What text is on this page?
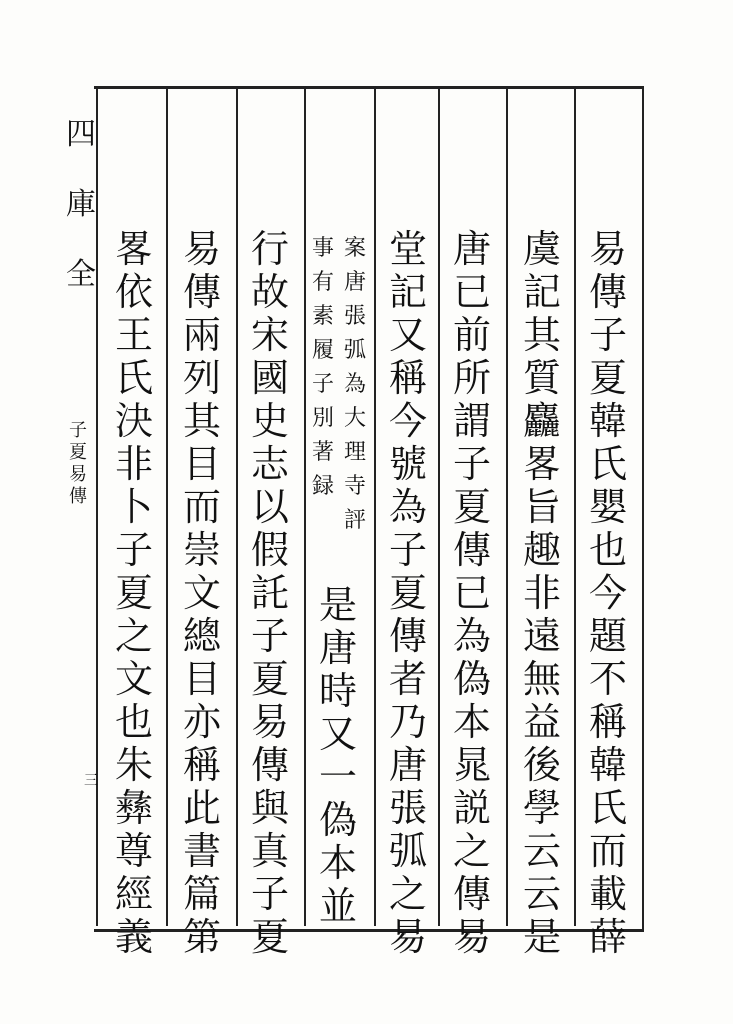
四
庫
全
子
夏
易
傳
三
易
傳
子
夏
韓
氏
嬰
也
今
題
不
稱
韓
氏
而
載
薛
虞
記
其
質
麤
畧
旨
趣
非
遠
無
益
後
學
云
云
是
唐
已
前
所
謂
子
夏
傳
已
為
偽
本
晁
説
之
傳
易
堂
記
又
稱
今
號
為
子
夏
傳
者
乃
唐
張
弧
之
易
案
唐
張
弧
為
大
理
寺
評
事
有
素
履
子
別
著
録
是
唐
時
又
一
偽
本
並
行
故
宋
國
史
志
以
假
託
子
夏
易
傳
與
真
子
夏
易
傳
兩
列
其
目
而
崇
文
總
目
亦
稱
此
書
篇
第
畧
依
王
氏
決
非
卜
子
夏
之
文
也
朱
彝
尊
經
義
